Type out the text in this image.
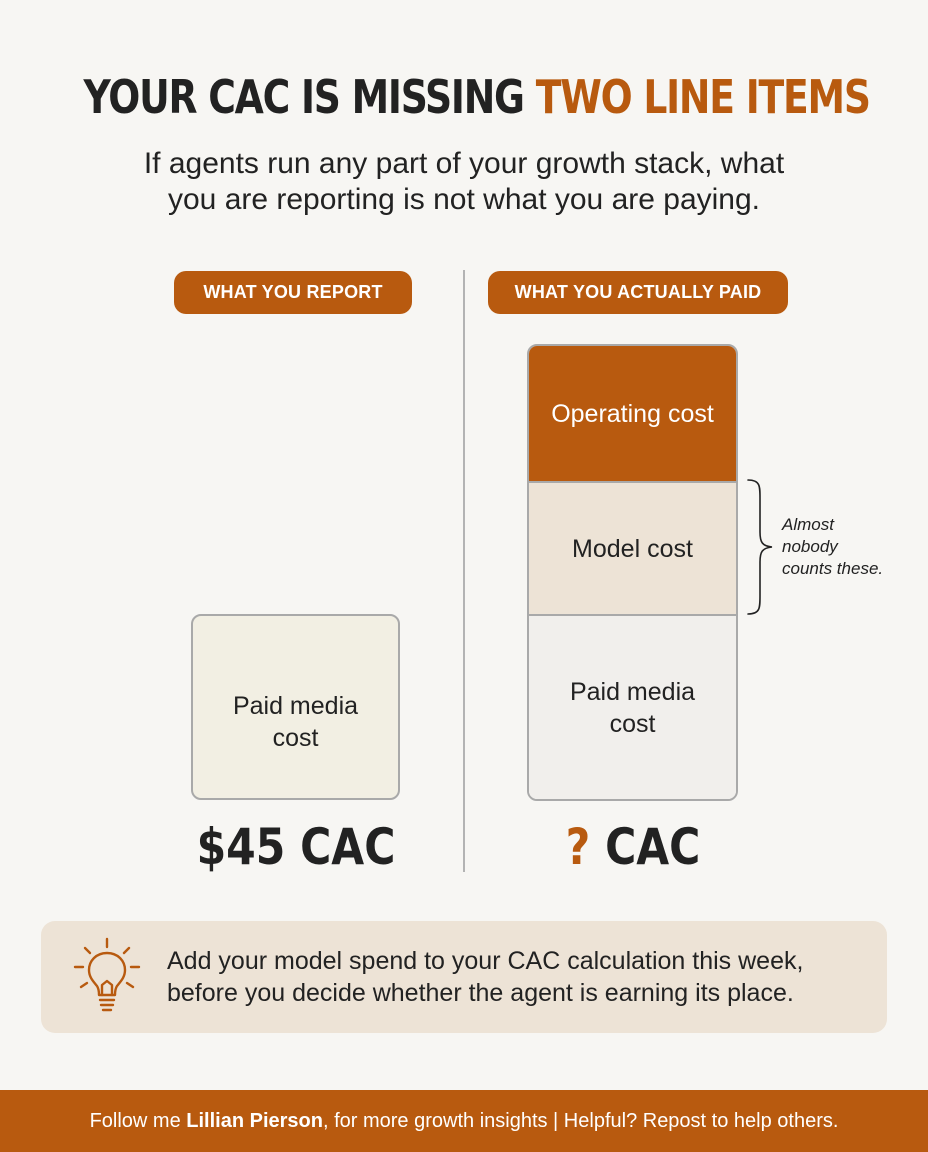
YOUR CAC IS MISSING TWO LINE ITEMS
If agents run any part of your growth stack, what
you are reporting is not what you are paying.
WHAT YOU REPORT	WHAT YOU ACTUALLY PAID
Paid media
cost
Operating cost
Model cost
Paid media
cost
Almost
nobody
counts these.
$45 CAC	? CAC
Add your model spend to your CAC calculation this week,
before you decide whether the agent is earning its place.
Follow me Lillian Pierson , for more growth insights | Helpful? Repost to help others.
